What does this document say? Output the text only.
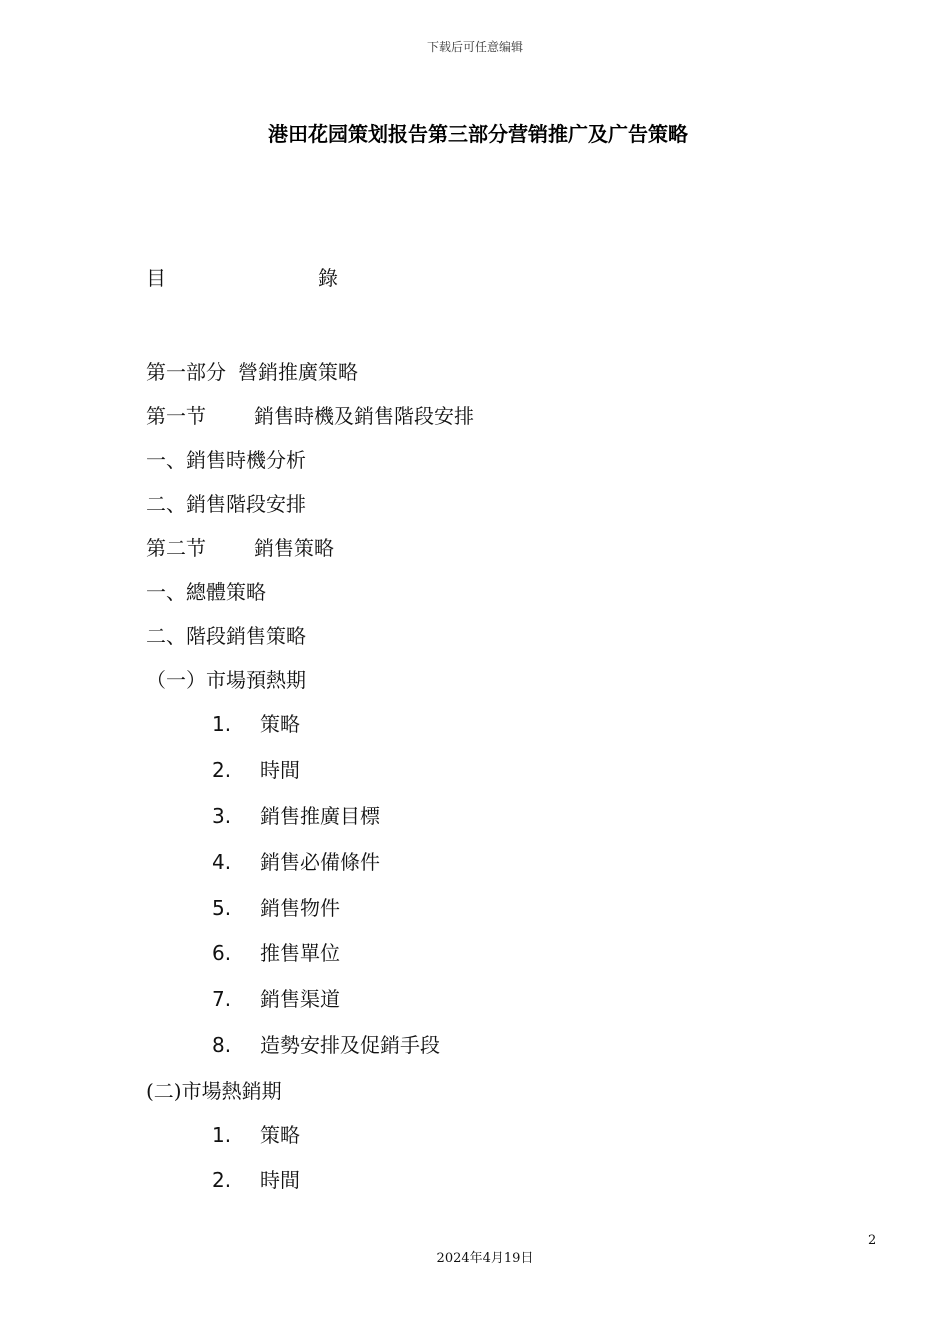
下载后可任意编辑
港田花园策划报告第三部分营销推广及广告策略
目	錄
第一部分 營銷推廣策略
第一节 銷售時機及銷售階段安排
一、銷售時機分析
二、銷售階段安排
第二节 銷售策略
一、總體策略
二、階段銷售策略
（一）市場預熱期
1. 策略
2. 時間
3. 銷售推廣目標
4. 銷售必備條件
5. 銷售物件
6. 推售單位
7. 銷售渠道
8. 造勢安排及促銷手段
(二)市場熱銷期
1. 策略
2. 時間
2
2024年4月19日
